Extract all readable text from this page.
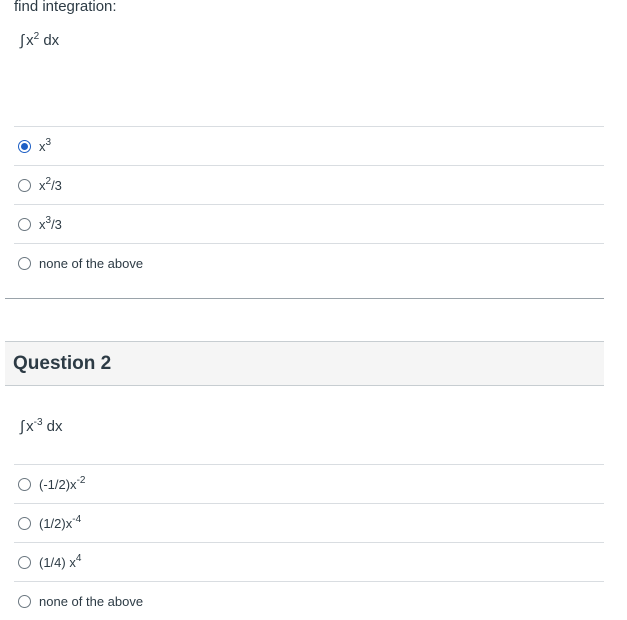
find integration:
∫ $x^2$ dx
$x^3$
$x^2/3$
$x^3/3$
none of the above
Question 2
∫ $x^{-3}$ dx
$(-1/2)x^{-2}$
$(1/2)x^{-4}$
(1/4) $x^4$
none of the above
